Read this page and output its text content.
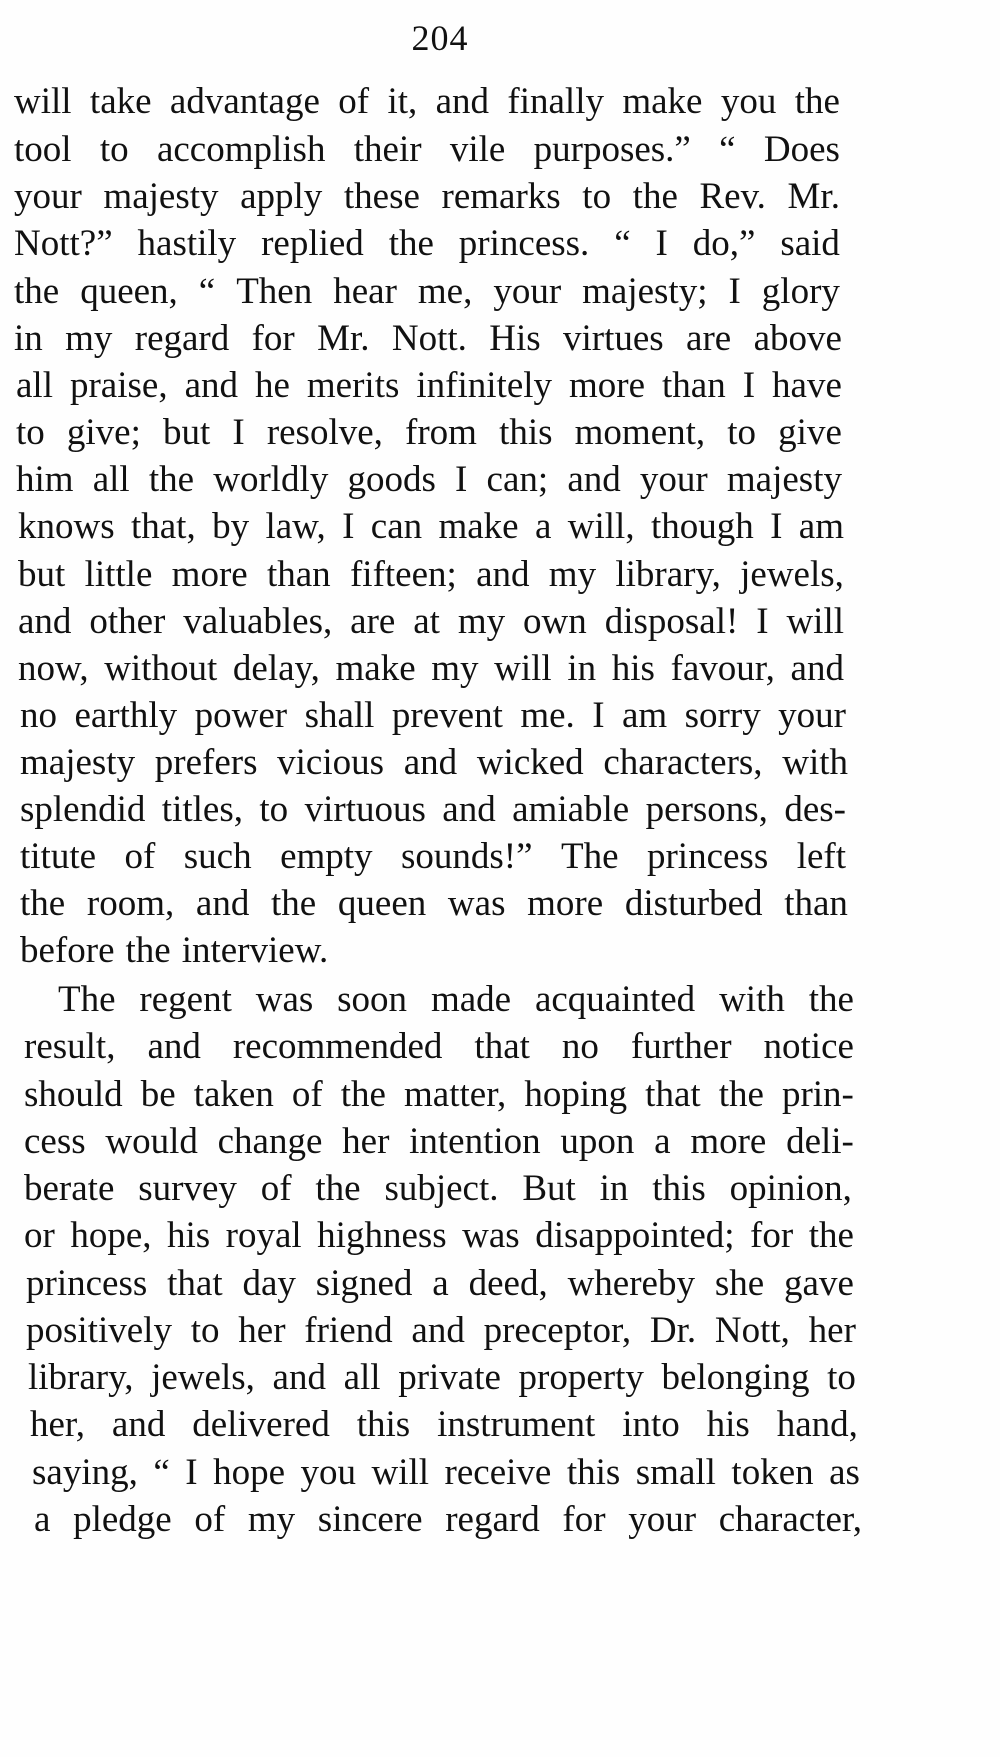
204
will take advantage of it, and finally make you the
tool to accomplish their vile purposes.” “ Does
your majesty apply these remarks to the Rev. Mr.
Nott?” hastily replied the princess. “ I do,” said
the queen, “ Then hear me, your majesty; I glory
in my regard for Mr. Nott. His virtues are above
all praise, and he merits infinitely more than I have
to give; but I resolve, from this moment, to give
him all the worldly goods I can; and your majesty
knows that, by law, I can make a will, though I am
but little more than fifteen; and my library, jewels,
and other valuables, are at my own disposal! I will
now, without delay, make my will in his favour, and
no earthly power shall prevent me. I am sorry your
majesty prefers vicious and wicked characters, with
splendid titles, to virtuous and amiable persons, des-
titute of such empty sounds!” The princess left
the room, and the queen was more disturbed than
before the interview.
The regent was soon made acquainted with the
result, and recommended that no further notice
should be taken of the matter, hoping that the prin-
cess would change her intention upon a more deli-
berate survey of the subject. But in this opinion,
or hope, his royal highness was disappointed; for the
princess that day signed a deed, whereby she gave
positively to her friend and preceptor, Dr. Nott, her
library, jewels, and all private property belonging to
her, and delivered this instrument into his hand,
saying, “ I hope you will receive this small token as
a pledge of my sincere regard for your character,
